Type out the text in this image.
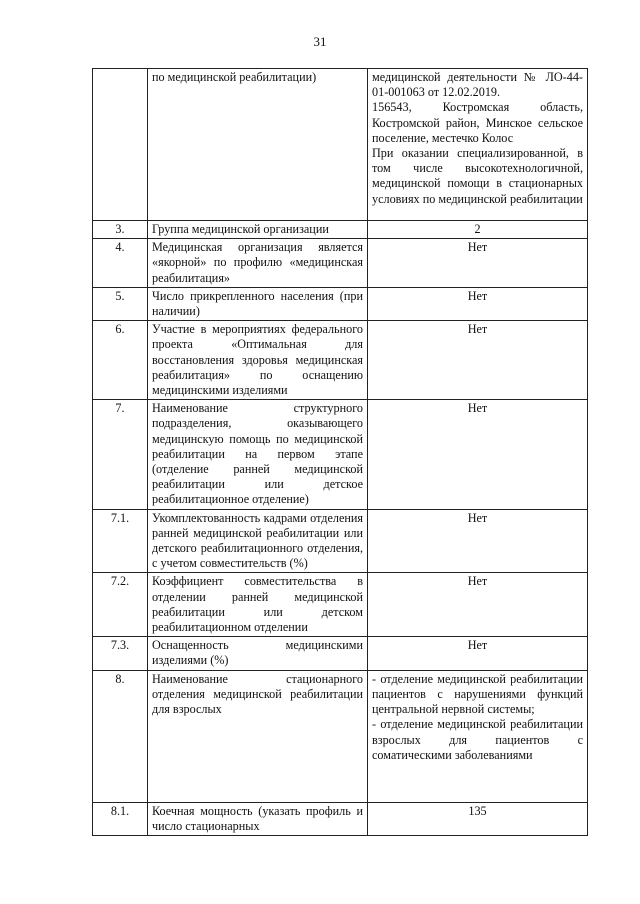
31
	по медицинской реабилитации)	медицинской деятельности № ЛО-44-01-001063 от 12.02.2019.
156543, Костромская область, Костромской район, Минское сельское поселение, местечко Колос
При оказании специализированной, в том числе высокотехнологичной, медицинской помощи в стационарных условиях по медицинской реабилитации

3.	Группа медицинской организации	2
4.	Медицинская организация является «якорной» по профилю «медицинская реабилитация»	Нет
5.	Число прикрепленного населения (при наличии)	Нет
6.	Участие в мероприятиях федерального проекта «Оптимальная для восстановления здоровья медицинская реабилитация» по оснащению медицинскими изделиями	Нет
7.	Наименование структурного подразделения, оказывающего медицинскую помощь по медицинской реабилитации на первом этапе (отделение ранней медицинской реабилитации или детское реабилитационное отделение)	Нет
7.1.	Укомплектованность кадрами отделения ранней медицинской реабилитации или детского реабилитационного отделения, с учетом совместительств (%)	Нет
7.2.	Коэффициент совместительства в отделении ранней медицинской реабилитации или детском реабилитационном отделении	Нет
7.3.	Оснащенность медицинскими изделиями (%)	Нет
8.	Наименование стационарного отделения медицинской реабилитации для взрослых	- отделение медицинской реабилитации пациентов с нарушениями функций центральной нервной системы;
- отделение медицинской реабилитации взрослых для пациентов с соматическими заболеваниями

8.1.	Коечная мощность (указать профиль и число стационарных	135
